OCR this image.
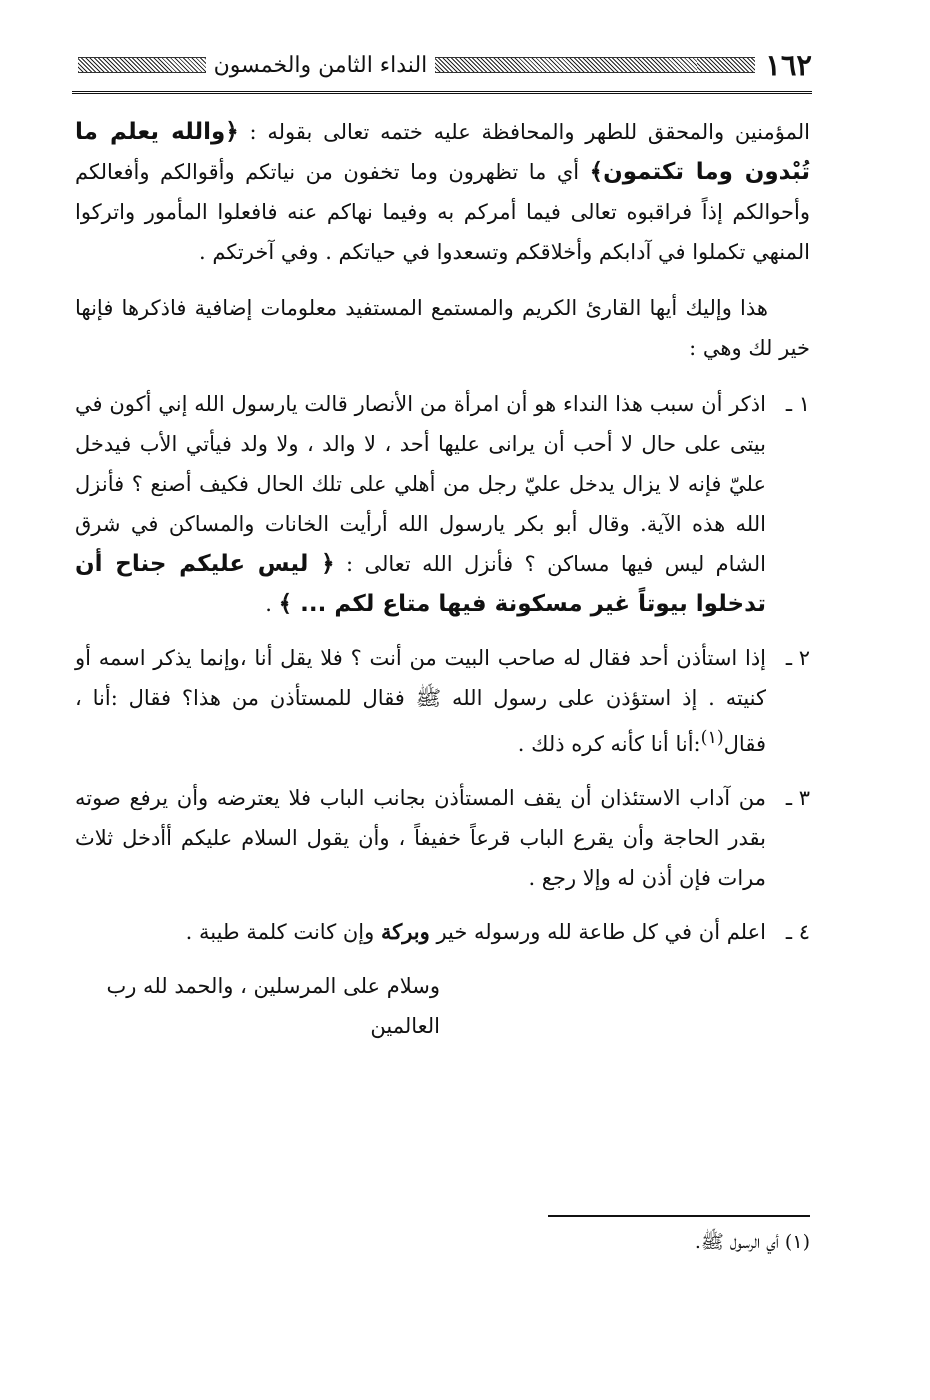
١٦٢
النداء الثامن والخمسون

المؤمنين والمحقق للطهر والمحافظة عليه ختمه تعالى بقوله : ﴿والله يعلم ما تُبْدون وما تكتمون﴾ أي ما تظهرون وما تخفون من نياتكم وأقوالكم وأفعالكم وأحوالكم إذاً فراقبوه تعالى فيما أمركم به وفيما نهاكم عنه فافعلوا المأمور واتركوا المنهي تكملوا في آدابكم وأخلاقكم وتسعدوا في حياتكم . وفي آخرتكم .

هذا وإليك أيها القارئ الكريم والمستمع المستفيد معلومات إضافية فاذكرها فإنها خير لك وهي :

١ ـ
اذكر أن سبب هذا النداء هو أن امرأة من الأنصار قالت يارسول الله إني أكون في بيتى على حال لا أحب أن يرانى عليها أحد ، لا والد ، ولا ولد فيأتي الأب فيدخل عليّ فإنه لا يزال يدخل عليّ رجل من أهلي على تلك الحال فكيف أصنع ؟ فأنزل الله هذه الآية. وقال أبو بكر يارسول الله أرأيت الخانات والمساكن في شرق الشام ليس فيها مساكن ؟ فأنزل الله تعالى : ﴿ ليس عليكم جناح أن تدخلوا بيوتاً غير مسكونة فيها متاع لكم ... ﴾ .
٢ ـ
إذا استأذن أحد فقال له صاحب البيت من أنت ؟ فلا يقل أنا ،وإنما يذكر اسمه أو كنيته . إذ استؤذن على رسول الله ﷺ فقال للمستأذن من هذا؟ فقال :أنا ، فقال$^{(١)}$:أنا أنا كأنه كره ذلك .
٣ ـ
من آداب الاستئذان أن يقف المستأذن بجانب الباب فلا يعترضه وأن يرفع صوته بقدر الحاجة وأن يقرع الباب قرعاً خفيفاً ، وأن يقول السلام عليكم أأدخل ثلاث مرات فإن أذن له وإلا رجع .
٤ ـ
اعلم أن في كل طاعة لله ورسوله خير وبركة وإن كانت كلمة طيبة .
وسلام على المرسلين ، والحمد لله رب العالمين
(١) أي الرسول ﷺ.
